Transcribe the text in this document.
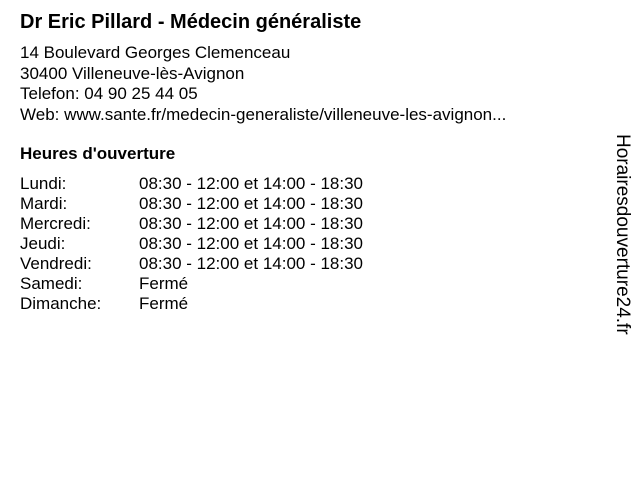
Dr Eric Pillard - Médecin généraliste
14 Boulevard Georges Clemenceau
30400 Villeneuve-lès-Avignon
Telefon: 04 90 25 44 05
Web: www.sante.fr/medecin-generaliste/villeneuve-les-avignon...
Heures d'ouverture
Lundi:	08:30 - 12:00 et 14:00 - 18:30
Mardi:	08:30 - 12:00 et 14:00 - 18:30
Mercredi:	08:30 - 12:00 et 14:00 - 18:30
Jeudi:	08:30 - 12:00 et 14:00 - 18:30
Vendredi:	08:30 - 12:00 et 14:00 - 18:30
Samedi:	Fermé
Dimanche: Fermé	Horairesdouverture24.fr
